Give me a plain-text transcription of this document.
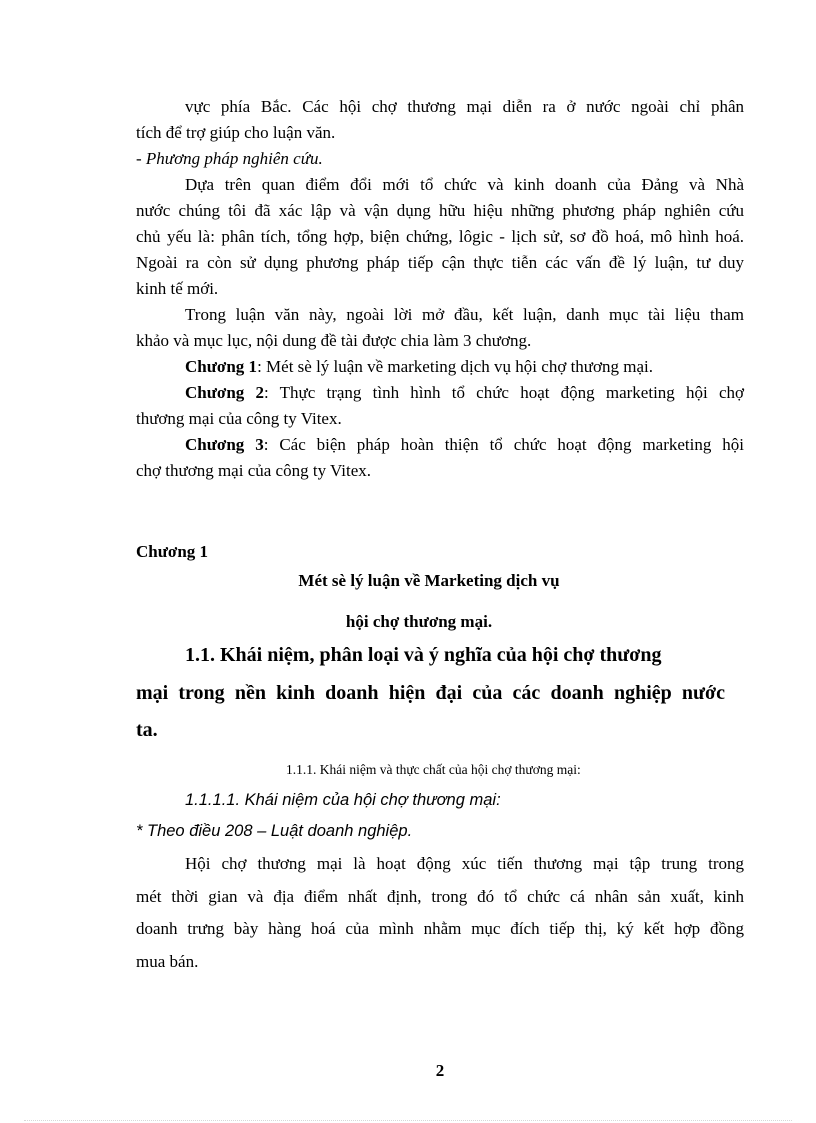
vực phía Bắc. Các hội chợ thương mại diễn ra ở nước ngoài chỉ phân

tích để trợ giúp cho luận văn.

- Phương pháp nghiên cứu.

Dựa trên quan điểm đổi mới tổ chức và kinh doanh của Đảng và Nhà

nước chúng tôi đã xác lập và vận dụng hữu hiệu những phương pháp nghiên cứu

chủ yếu là: phân tích, tổng hợp, biện chứng, lôgic - lịch sử, sơ đồ hoá, mô hình hoá.

Ngoài ra còn sử dụng phương pháp tiếp cận thực tiễn các vấn đề lý luận, tư duy

kinh tế mới.

Trong luận văn này, ngoài lời mở đầu, kết luận, danh mục tài liệu tham

khảo và mục lục, nội dung đề tài được chia làm 3 chương.

Chương 1: Mét sè lý luận về marketing dịch vụ hội chợ thương mại.

Chương 2: Thực trạng tình hình tổ chức hoạt động marketing hội chợ

thương mại của công ty Vitex.

Chương 3: Các biện pháp hoàn thiện tổ chức hoạt động marketing hội

chợ thương mại của công ty Vitex.

Chương 1

Mét sè lý luận về Marketing dịch vụ

hội chợ thương mại.

1.1. Khái niệm, phân loại và ý nghĩa của hội chợ thương

mại trong nền kinh doanh hiện đại của các doanh nghiệp nước

ta.

1.1.1. Khái niệm và thực chất của hội chợ thương mại:

1.1.1.1. Khái niệm của hội chợ thương mại:

* Theo điều 208 – Luật doanh nghiệp.

Hội chợ thương mại là hoạt động xúc tiến thương mại tập trung trong

mét thời gian và địa điểm nhất định, trong đó tổ chức cá nhân sản xuất, kinh

doanh trưng bày hàng hoá của mình nhằm mục đích tiếp thị, ký kết hợp đồng

mua bán.

2
